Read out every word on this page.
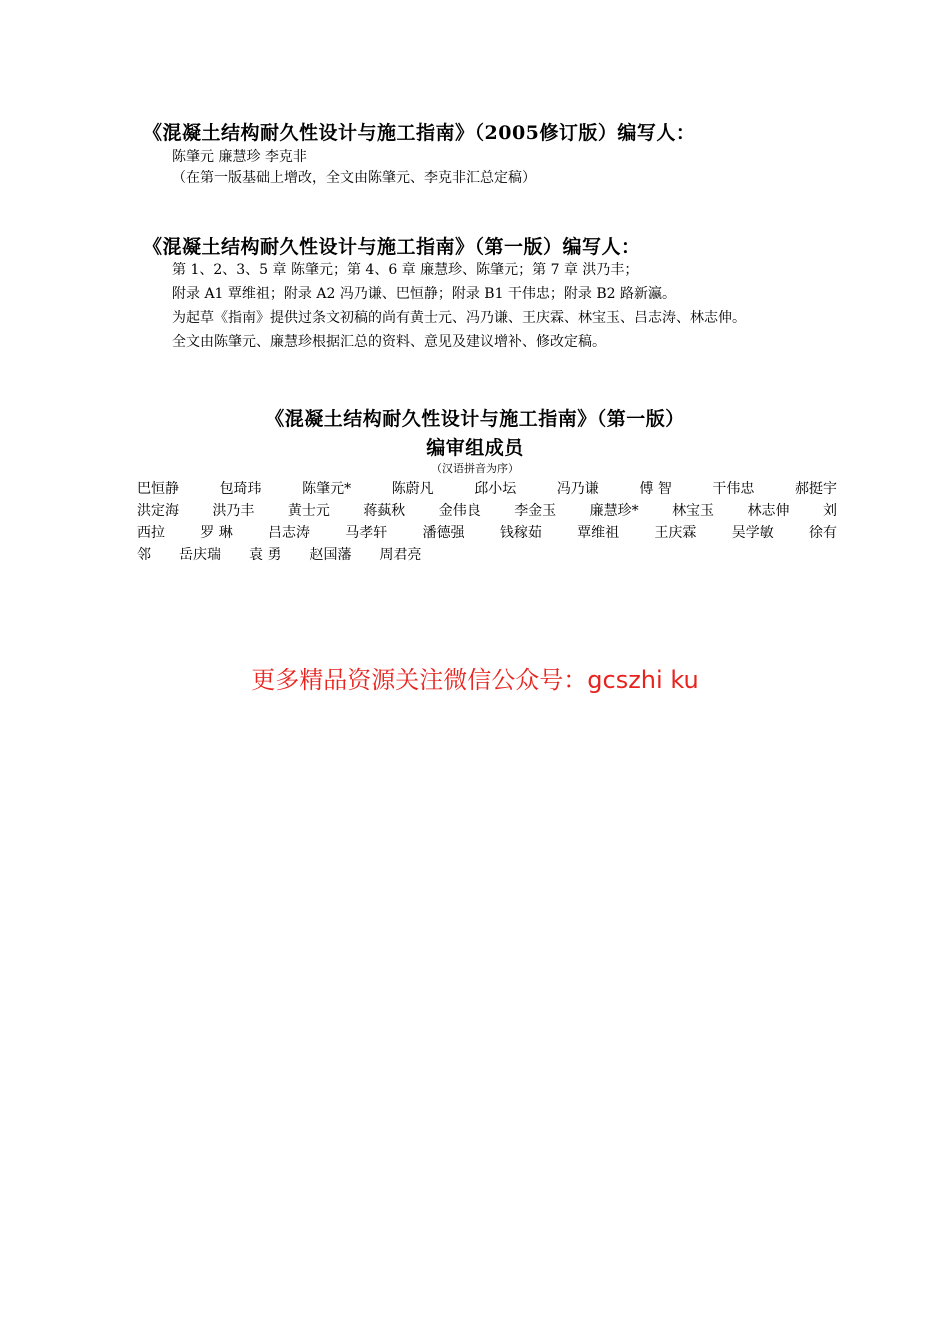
《混凝土结构耐久性设计与施工指南》（2005修订版）编写人：
陈肇元 廉慧珍 李克非
（在第一版基础上增改，全文由陈肇元、李克非汇总定稿）
《混凝土结构耐久性设计与施工指南》（第一版）编写人：
第 1、2、3、5 章 陈肇元；第 4、6 章 廉慧珍、陈肇元；第 7 章 洪乃丰；
附录 A1 覃维祖；附录 A2 冯乃谦、巴恒静；附录 B1 干伟忠；附录 B2 路新瀛。
为起草《指南》提供过条文初稿的尚有黄士元、冯乃谦、王庆霖、林宝玉、吕志涛、林志伸。
全文由陈肇元、廉慧珍根据汇总的资料、意见及建议增补、修改定稿。
《混凝土结构耐久性设计与施工指南》（第一版）
编审组成员
（汉语拼音为序）
巴恒静	包琦玮	陈肇元*	陈蔚凡	邱小坛	冯乃谦	傅 智	干伟忠	郝挺宇
洪定海 洪乃丰 黄士元 蒋蓺秋 金伟良 李金玉 廉慧珍* 林宝玉 林志伸 刘
西拉	罗 琳	吕志涛	马孝轩	潘德强	钱稼茹	覃维祖	王庆霖	吴学敏	徐有
邻 岳庆瑞 袁 勇 赵国藩 周君亮
更多精品资源关注微信公众号：gcszhi ku
